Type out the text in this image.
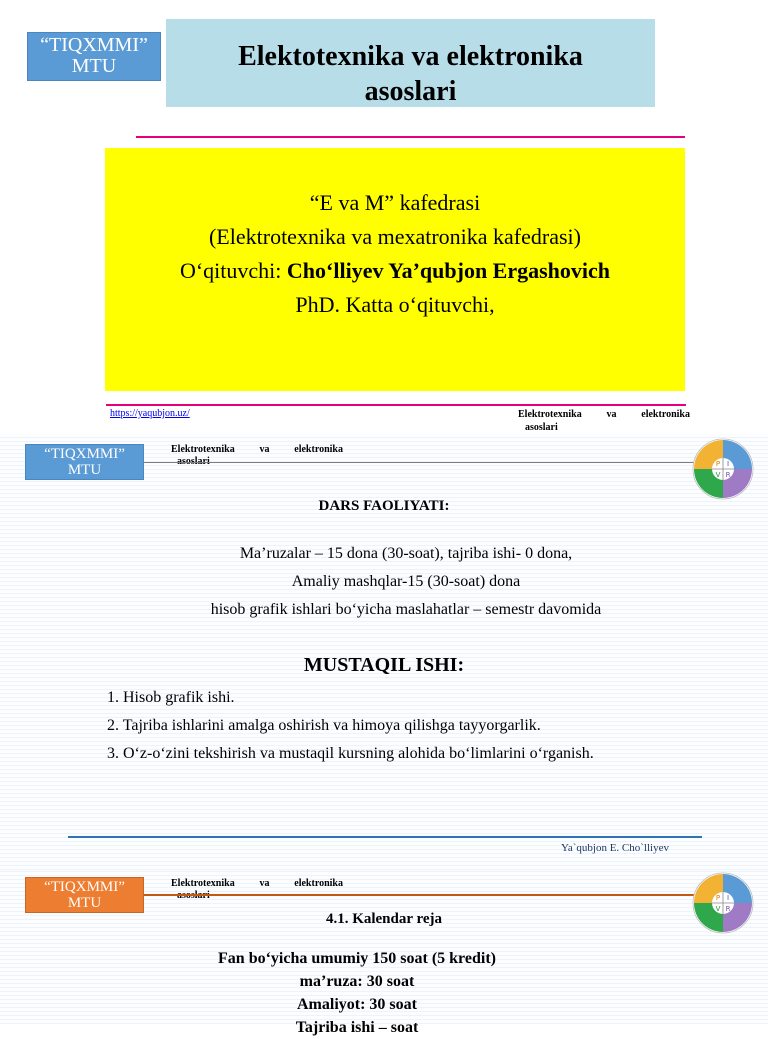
“TIQXMMI”
MTU	Elektotexnika va elektronika
asoslari
“E va M” kafedrasi
(Elektrotexnika va mexatronika kafedrasi)
O‘qituvchi: Cho‘lliyev Ya’qubjon Ergashovich
PhD. Katta o‘qituvchi,
https://yaqubjon.uz/	Elektrotexnika va elektronika
asoslari
“TIQXMMI”
MTU
Elektrotexnika va elektronika
P I
V R
DARS FAOLIYATI:
Ma’ruzalar – 15 dona (30-soat), tajriba ishi- 0 dona,
Amaliy mashqlar-15 (30-soat) dona
hisob grafik ishlari bo‘yicha maslahatlar – semestr davomida
MUSTAQIL ISHI:
1. Hisob grafik ishi.
2. Tajriba ishlarini amalga oshirish va himoya qilishga tayyorgarlik.
3. O‘z-o‘zini tekshirish va mustaqil kursning alohida bo‘limlarini o‘rganish.
Ya`qubjon E. Cho`lliyev
“TIQXMMI”
MTU
Elektrotexnika va elektronika
P I
V R
4.1. Kalendar reja
Fan bo‘yicha umumiy 150 soat (5 kredit)
ma’ruza: 30 soat
Amaliyot: 30 soat
Tajriba ishi – soat
